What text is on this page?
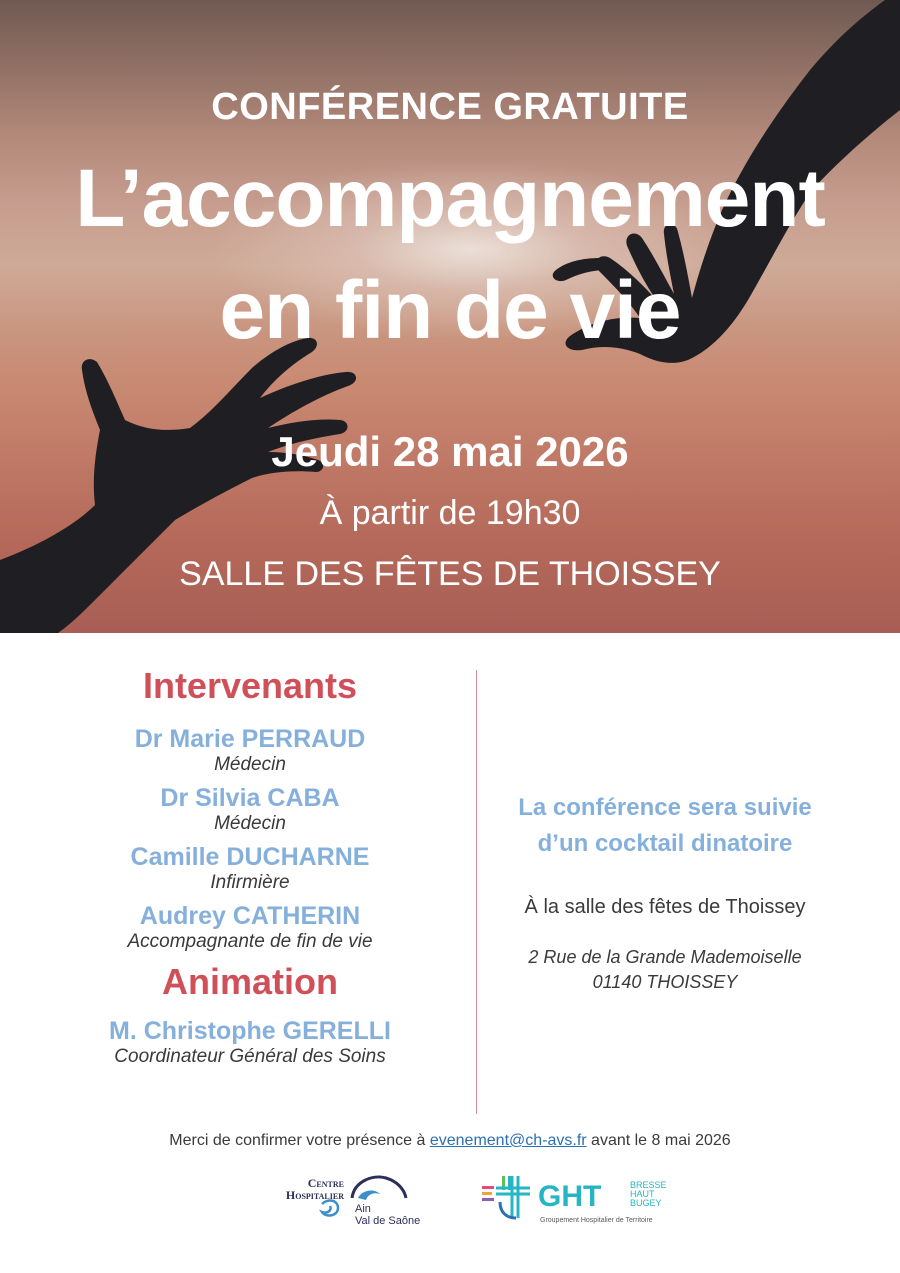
CONFÉRENCE GRATUITE
L’accompagnement
en fin de vie
Jeudi 28 mai 2026
À partir de 19h30
SALLE DES FÊTES DE THOISSEY

Intervenants

Dr Marie PERRAUD

Médecin

Dr Silvia CABA

Médecin

Camille DUCHARNE

Infirmière

Audrey CATHERIN

Accompagnante de fin de vie

Animation

M. Christophe GERELLI

Coordinateur Général des Soins

La conférence sera suivie

d’un cocktail dinatoire

À la salle des fêtes de Thoissey

2 Rue de la Grande Mademoiselle

01140 THOISSEY

Merci de confirmer votre présence à evenement@ch-avs.fr avant le 8 mai 2026
Centre
Hospitalier
Ain
Val de Saône
GHT	BRESSE
HAUT
BUGEY
Groupement Hospitalier de Territoire
